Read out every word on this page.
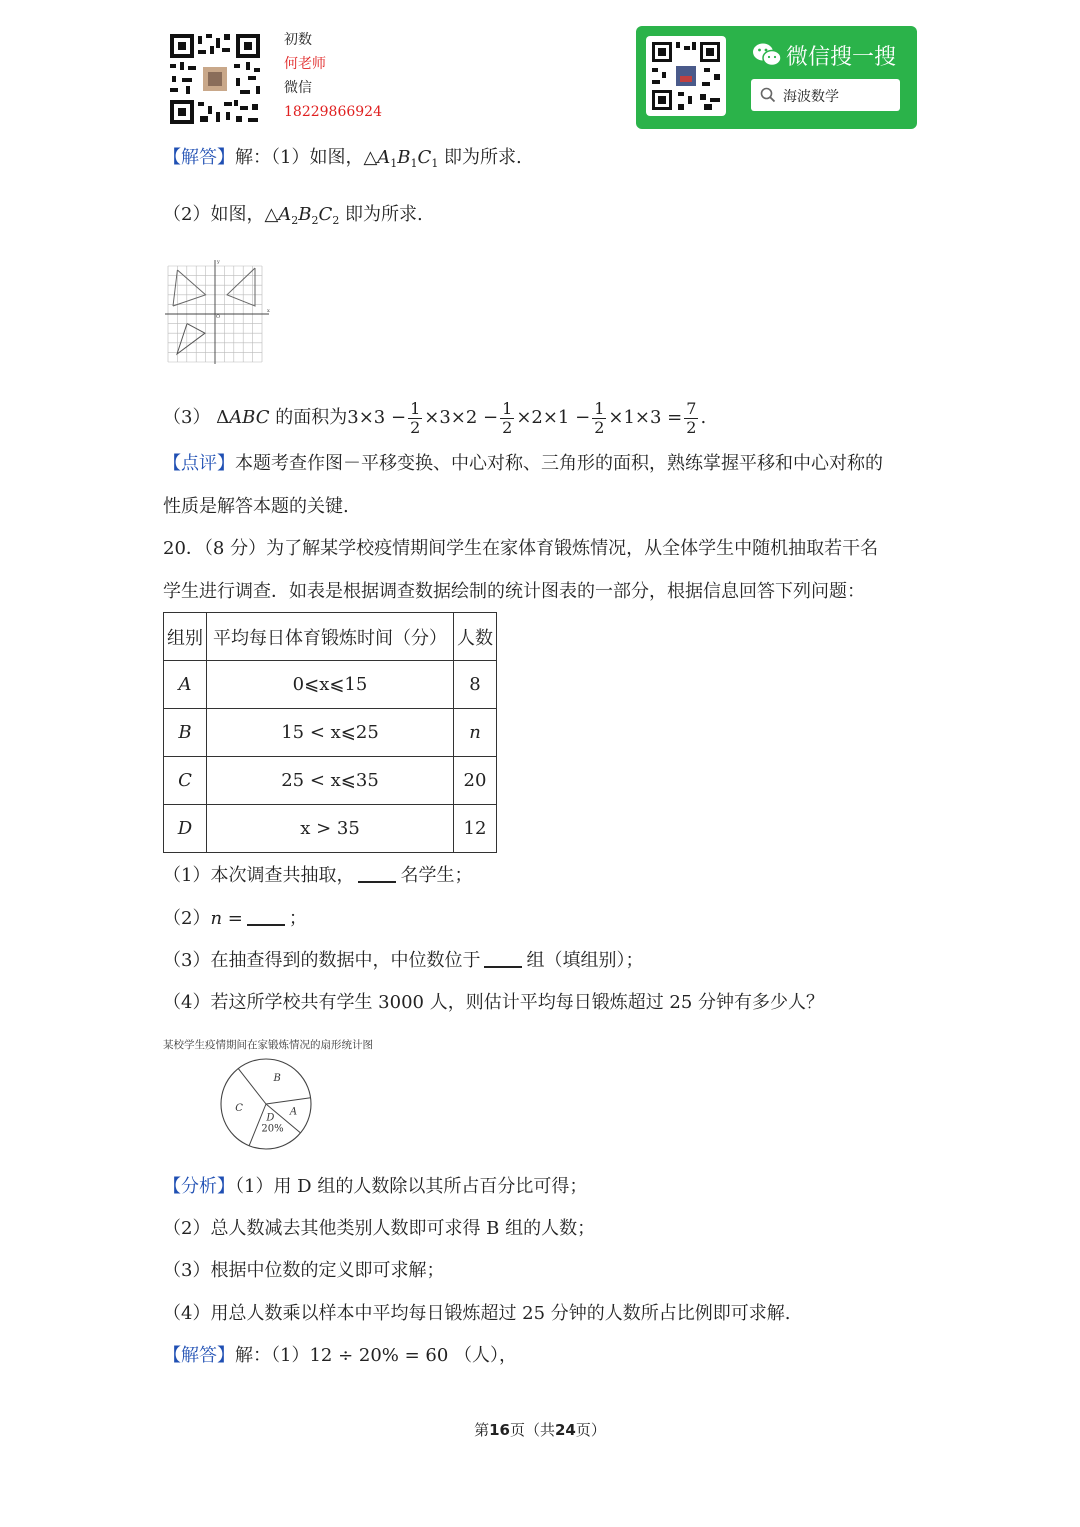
初数
何老师
微信
18229866924
微信搜一搜
海波数学
【解答】解：（1）如图，$\triangle A_1B_1C_1$ 即为所求.
（2）如图，$\triangle A_2B_2C_2$ 即为所求.
O
x
y
（3） ΔABC 的面积为$3\times 3 - \frac{1}{2} \times 3\times 2 - \frac{1}{2} \times 2\times 1 - \frac{1}{2} \times 1\times 3 = \frac{7}{2}$ .
【点评】本题考查作图－平移变换、中心对称、三角形的面积，熟练掌握平移和中心对称的
性质是解答本题的关键.
20．（8 分）为了解某学校疫情期间学生在家体育锻炼情况，从全体学生中随机抽取若干名
学生进行调查．如表是根据调查数据绘制的统计图表的一部分，根据信息回答下列问题：
组别	平均每日体育锻炼时间（分）	人数
A	0⩽x⩽15	8
B	15 < x⩽25	n
C	25 < x⩽35	20
D	x > 35	12
（1）本次调查共抽取，	名学生；
（2）n =	；
（3）在抽查得到的数据中，中位数位于	组（填组别）；
（4）若这所学校共有学生 3000 人，则估计平均每日锻炼超过 25 分钟有多少人？
某校学生疫情期间在家锻炼情况的扇形统计图
A
D
C
B
20%
【分析】（1）用 D 组的人数除以其所占百分比可得；
（2）总人数减去其他类别人数即可求得 B 组的人数；
（3）根据中位数的定义即可求解；
（4）用总人数乘以样本中平均每日锻炼超过 25 分钟的人数所占比例即可求解.
【解答】解：（1）12 ÷ 20% = 60 （人），
第16页（共24页）
